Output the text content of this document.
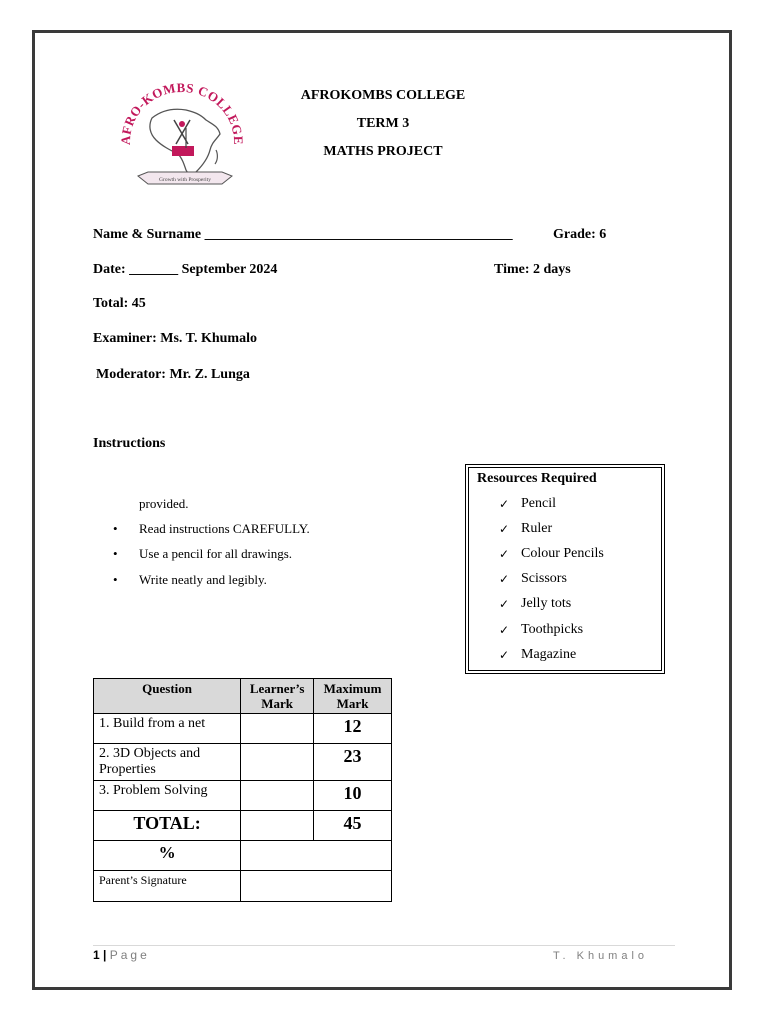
AFRO-KOMBS COLLEGE
Growth with Prosperity
AFROKOMBS COLLEGE
TERM 3
MATHS PROJECT
Name & Surname ____________________________________________	Grade: 6
Date: _______ September 2024	Time: 2 days
Total: 45
Examiner: Ms. T. Khumalo
Moderator: Mr. Z. Lunga
Instructions
provided.
• Read instructions CAREFULLY.
• Use a pencil for all drawings.
• Write neatly and legibly.
Resources Required
✓ Pencil
✓ Ruler
✓ Colour Pencils
✓ Scissors
✓ Jelly tots
✓ Toothpicks
✓ Magazine
Question	Learner’s Mark	Maximum Mark
1. Build from a net		12
2. 3D Objects and Properties		23
3. Problem Solving		10
TOTAL:		45
%		
Parent’s Signature		
1 | Page	T. Khumalo
